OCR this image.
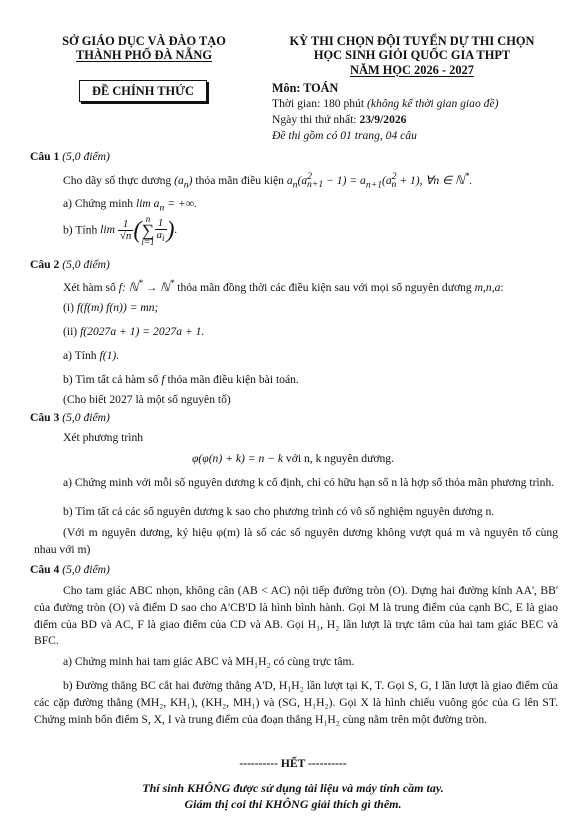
SỞ GIÁO DỤC VÀ ĐÀO TẠO
THÀNH PHỐ ĐÀ NẴNG
KỲ THI CHỌN ĐỘI TUYỂN DỰ THI CHỌN
HỌC SINH GIỎI QUỐC GIA THPT
NĂM HỌC 2026 - 2027
ĐỀ CHÍNH THỨC	Môn: TOÁN
Thời gian: 180 phút (không kể thời gian giao đề)
Ngày thi thứ nhất: 23/9/2026
Đề thi gồm có 01 trang, 04 câu
Câu 1 (5,0 điểm)
Cho dãy số thực dương $(a_n)$ thỏa mãn điều kiện $a_n(a^2_{n+1} - 1) = a_{n+1}(a^2_n + 1)$, ∀n ∈ ℕ*.
a) Chứng minh $\lim a_n$ = +∞.
b) Tính $\lim \frac{1}{√n}$ ( n
∑
$i=1 \frac{1}{a_i}$ ).
Câu 2 (5,0 điểm)
Xét hàm số f: ℕ* → ℕ* thỏa mãn đồng thời các điều kiện sau với mọi số nguyên dương m,n,a:
(i) f(f(m) f(n)) = mn;
(ii) f(2027a + 1) = 2027a + 1.
a) Tính f(1).
b) Tìm tất cả hàm số f thỏa mãn điều kiện bài toán.
(Cho biết 2027 là một số nguyên tố)
Câu 3 (5,0 điểm)
Xét phương trình
φ(φ(n) + k) = n − k với n, k nguyên dương.
a) Chứng minh với mỗi số nguyên dương k cố định, chỉ có hữu hạn số n là hợp số thỏa mãn phương trình.
b) Tìm tất cả các số nguyên dương k sao cho phương trình có vô số nghiệm nguyên dương n.
(Với m nguyên dương, ký hiệu φ(m) là số các số nguyên dương không vượt quá m và nguyên tố cùng nhau với m)
Câu 4 (5,0 điểm)
Cho tam giác ABC nhọn, không cân (AB < AC) nội tiếp đường tròn (O). Dựng hai đường kính AA', BB' của đường tròn (O) và điểm D sao cho A'CB'D là hình bình hành. Gọi M là trung điểm của cạnh BC, E là giao điểm của BD và AC, F là giao điểm của CD và AB. Gọi H₁, H₂ lần lượt là trực tâm của hai tam giác BEC và BFC.
a) Chứng minh hai tam giác ABC và MH₁H₂ có cùng trực tâm.
b) Đường thẳng BC cắt hai đường thẳng A'D, H₁H₂ lần lượt tại K, T. Gọi S, G, I lần lượt là giao điểm của các cặp đường thẳng (MH₂, KH₁), (KH₂, MH₁) và (SG, H₁H₂). Gọi X là hình chiếu vuông góc của G lên ST. Chứng minh bốn điểm S, X, I và trung điểm của đoạn thẳng H₁H₂ cùng nằm trên một đường tròn.
---------- HẾT ----------
Thí sinh KHÔNG được sử dụng tài liệu và máy tính cầm tay.
Giám thị coi thi KHÔNG giải thích gì thêm.
